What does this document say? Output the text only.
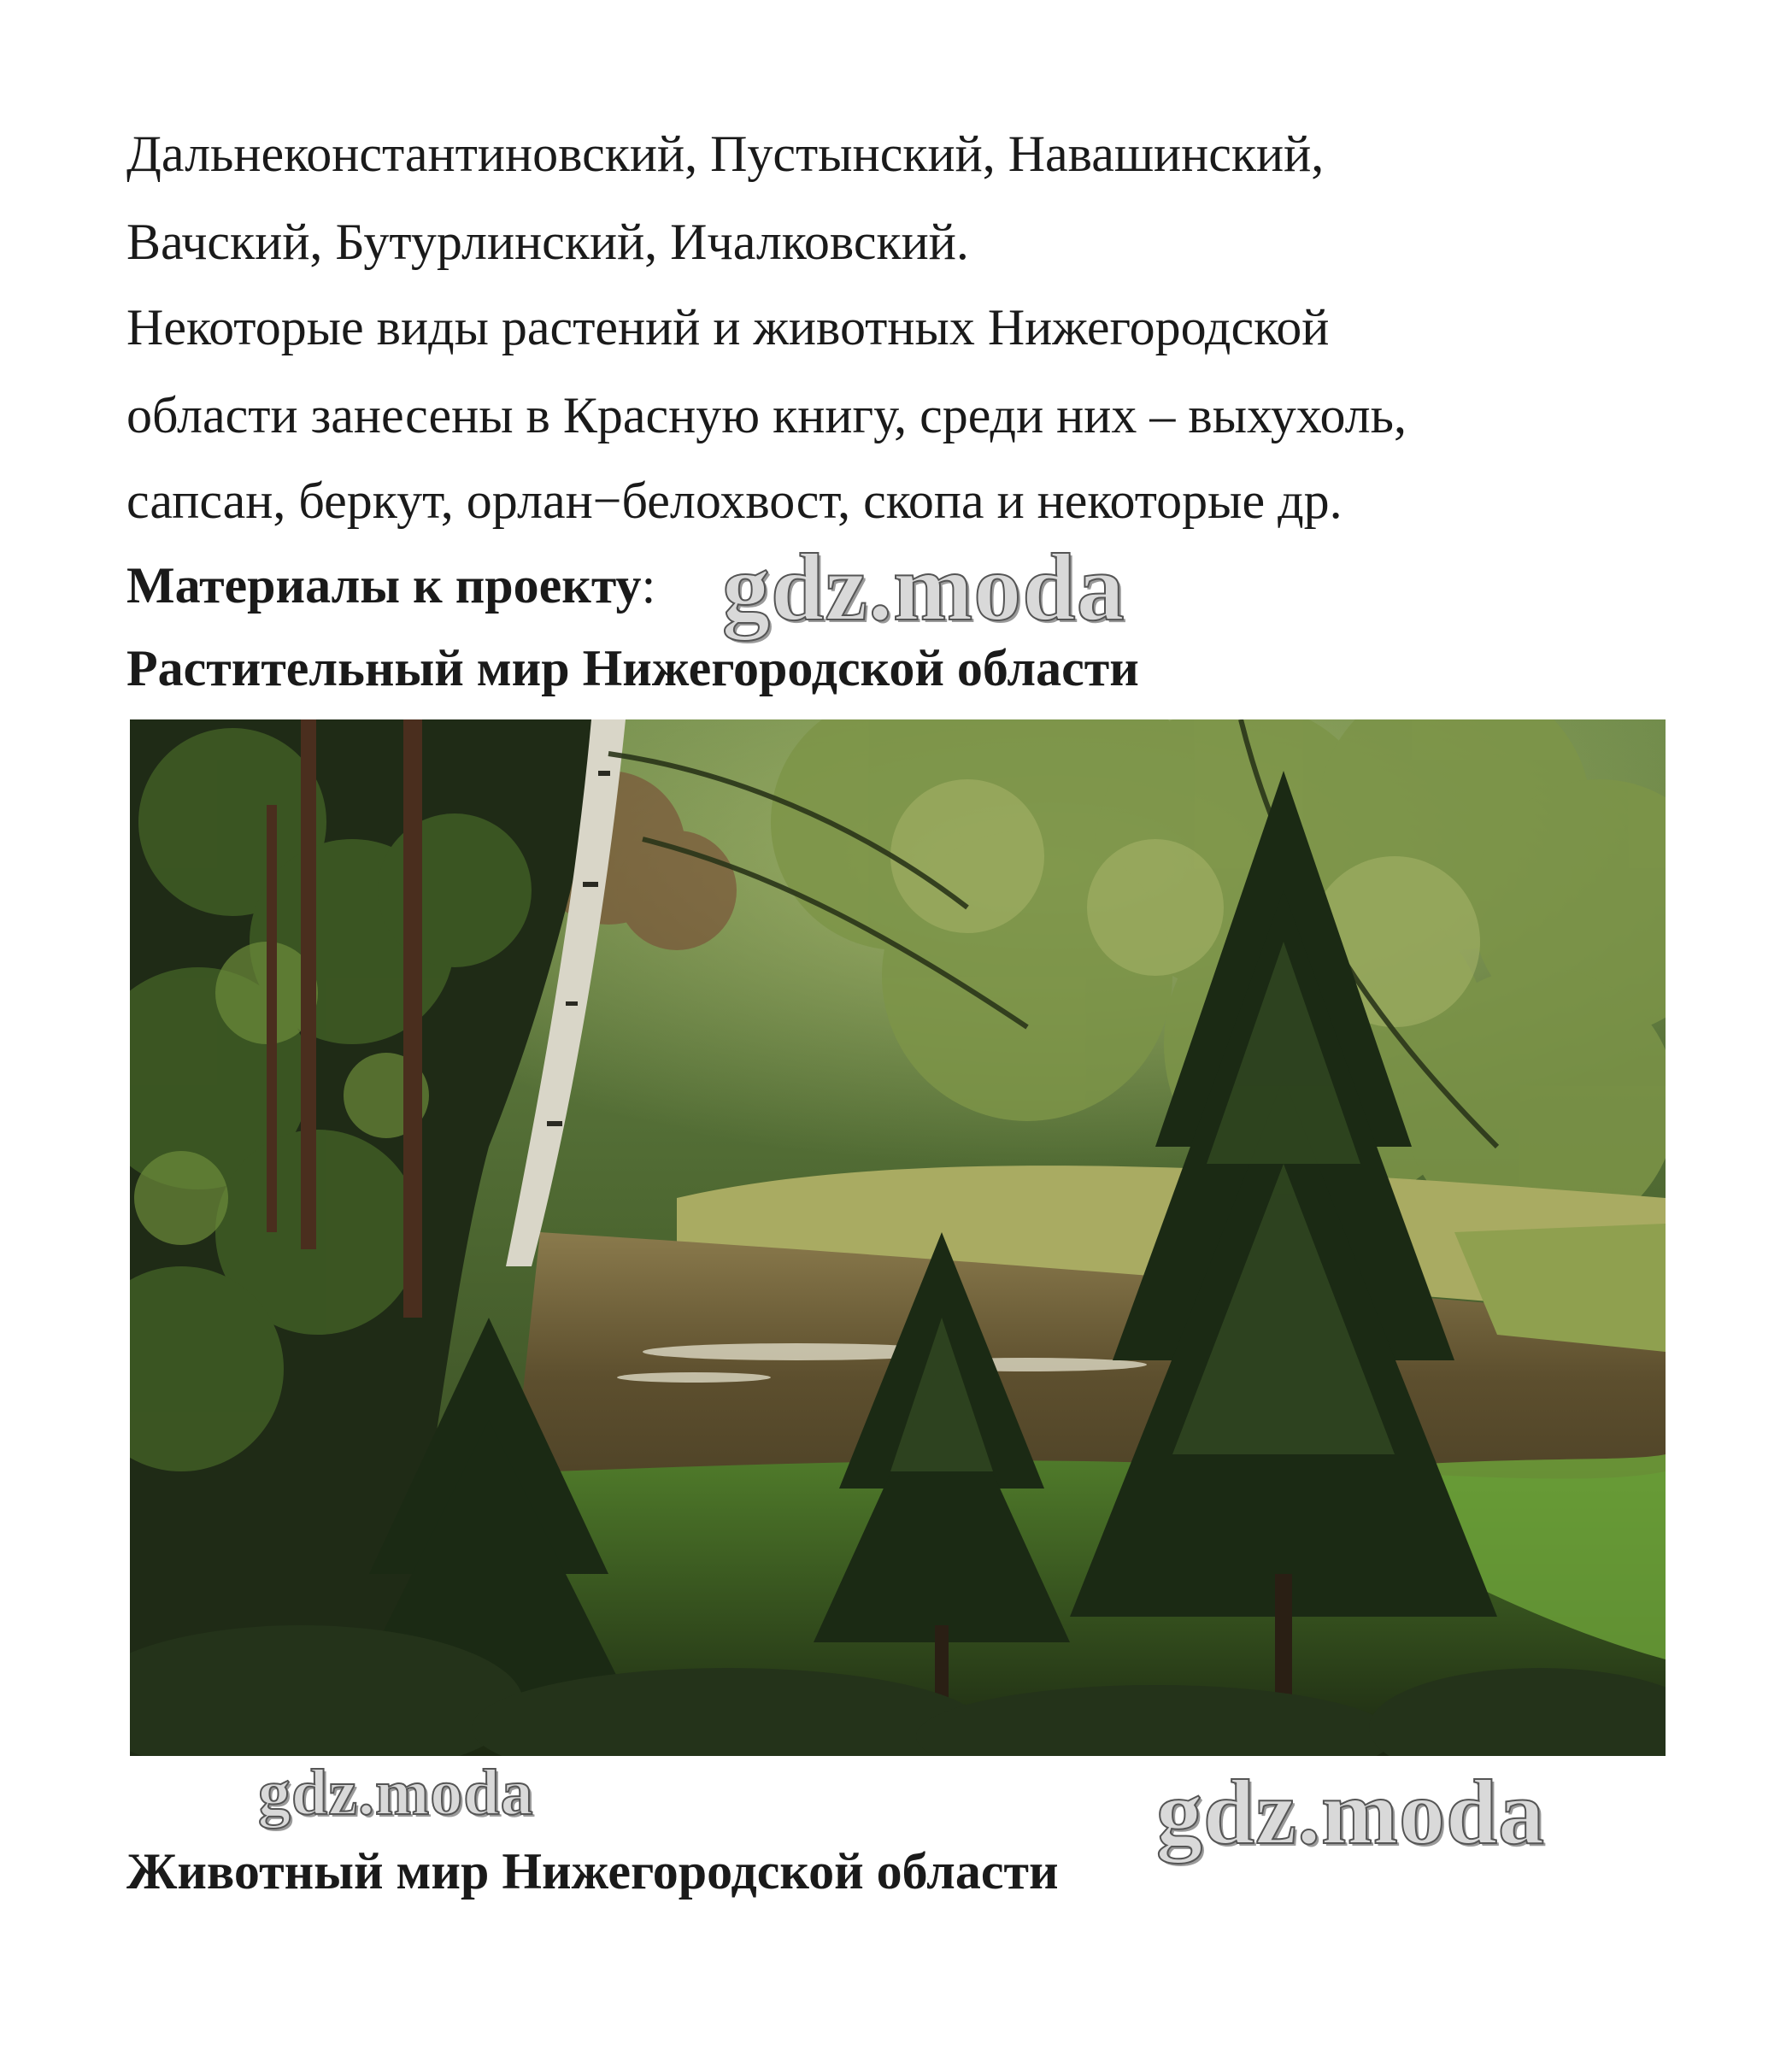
Дальнеконстантиновский, Пустынский, Навашинский,
Вачский, Бутурлинский, Ичалковский.
Некоторые виды растений и животных Нижегородской
области занесены в Красную книгу, среди них – выхухоль,
сапсан, беркут, орлан−белохвост, скопа и некоторые др.
Материалы к проекту:
Растительный мир Нижегородской области
gdz.moda
gdz.moda
Животный мир Нижегородской области
gdz.moda
